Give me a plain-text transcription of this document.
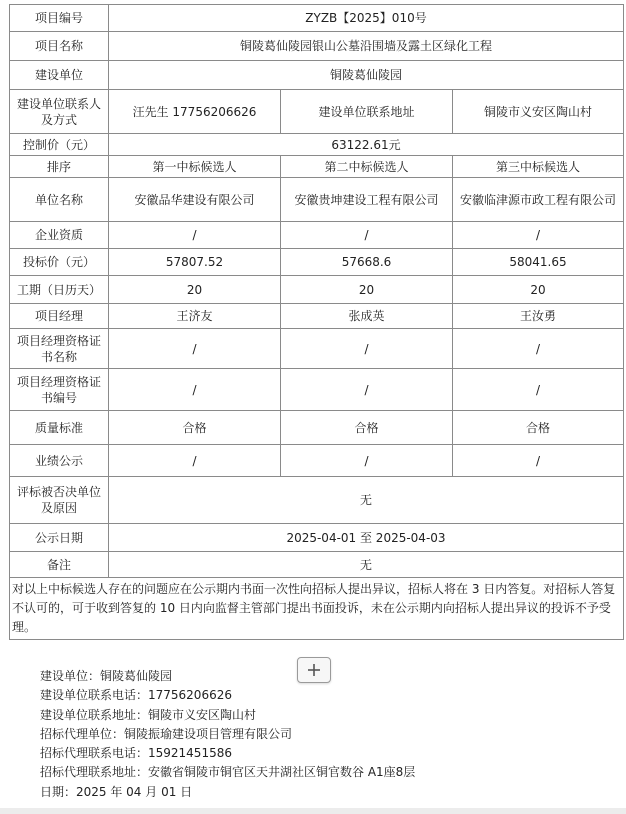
项目编号	ZYZB【2025】010号		
项目名称	铜陵葛仙陵园银山公墓沿围墙及露土区绿化工程		
建设单位	铜陵葛仙陵园		
建设单位联系人及方式	汪先生 17756206626	建设单位联系地址	铜陵市义安区陶山村
控制价（元）	63122.61元		
排序	第一中标候选人	第二中标候选人	第三中标候选人
单位名称	安徽品华建设有限公司	安徽贵坤建设工程有限公司	安徽临津源市政工程有限公司
企业资质	/	/	/
投标价（元）	57807.52	57668.6	58041.65
工期（日历天）	20	20	20
项目经理	王济友	张成英	王汝勇
项目经理资格证书名称	/	/	/
项目经理资格证书编号	/	/	/
质量标准	合格	合格	合格
业绩公示	/	/	/
评标被否决单位及原因	无		
公示日期	2025-04-01 至 2025-04-03		
备注	无		
对以上中标候选人存在的问题应在公示期内书面一次性向招标人提出异议，招标人将在 3 日内答复。对招标人答复不认可的，可于收到答复的 10 日内向监督主管部门提出书面投诉，未在公示期内向招标人提出异议的投诉不予受理。			
建设单位：铜陵葛仙陵园
建设单位联系电话：17756206626
建设单位联系地址：铜陵市义安区陶山村
招标代理单位：铜陵振瑜建设项目管理有限公司
招标代理联系电话：15921451586
招标代理联系地址：安徽省铜陵市铜官区天井湖社区铜官数谷 A1座8层
日期：2025 年 04 月 01 日
